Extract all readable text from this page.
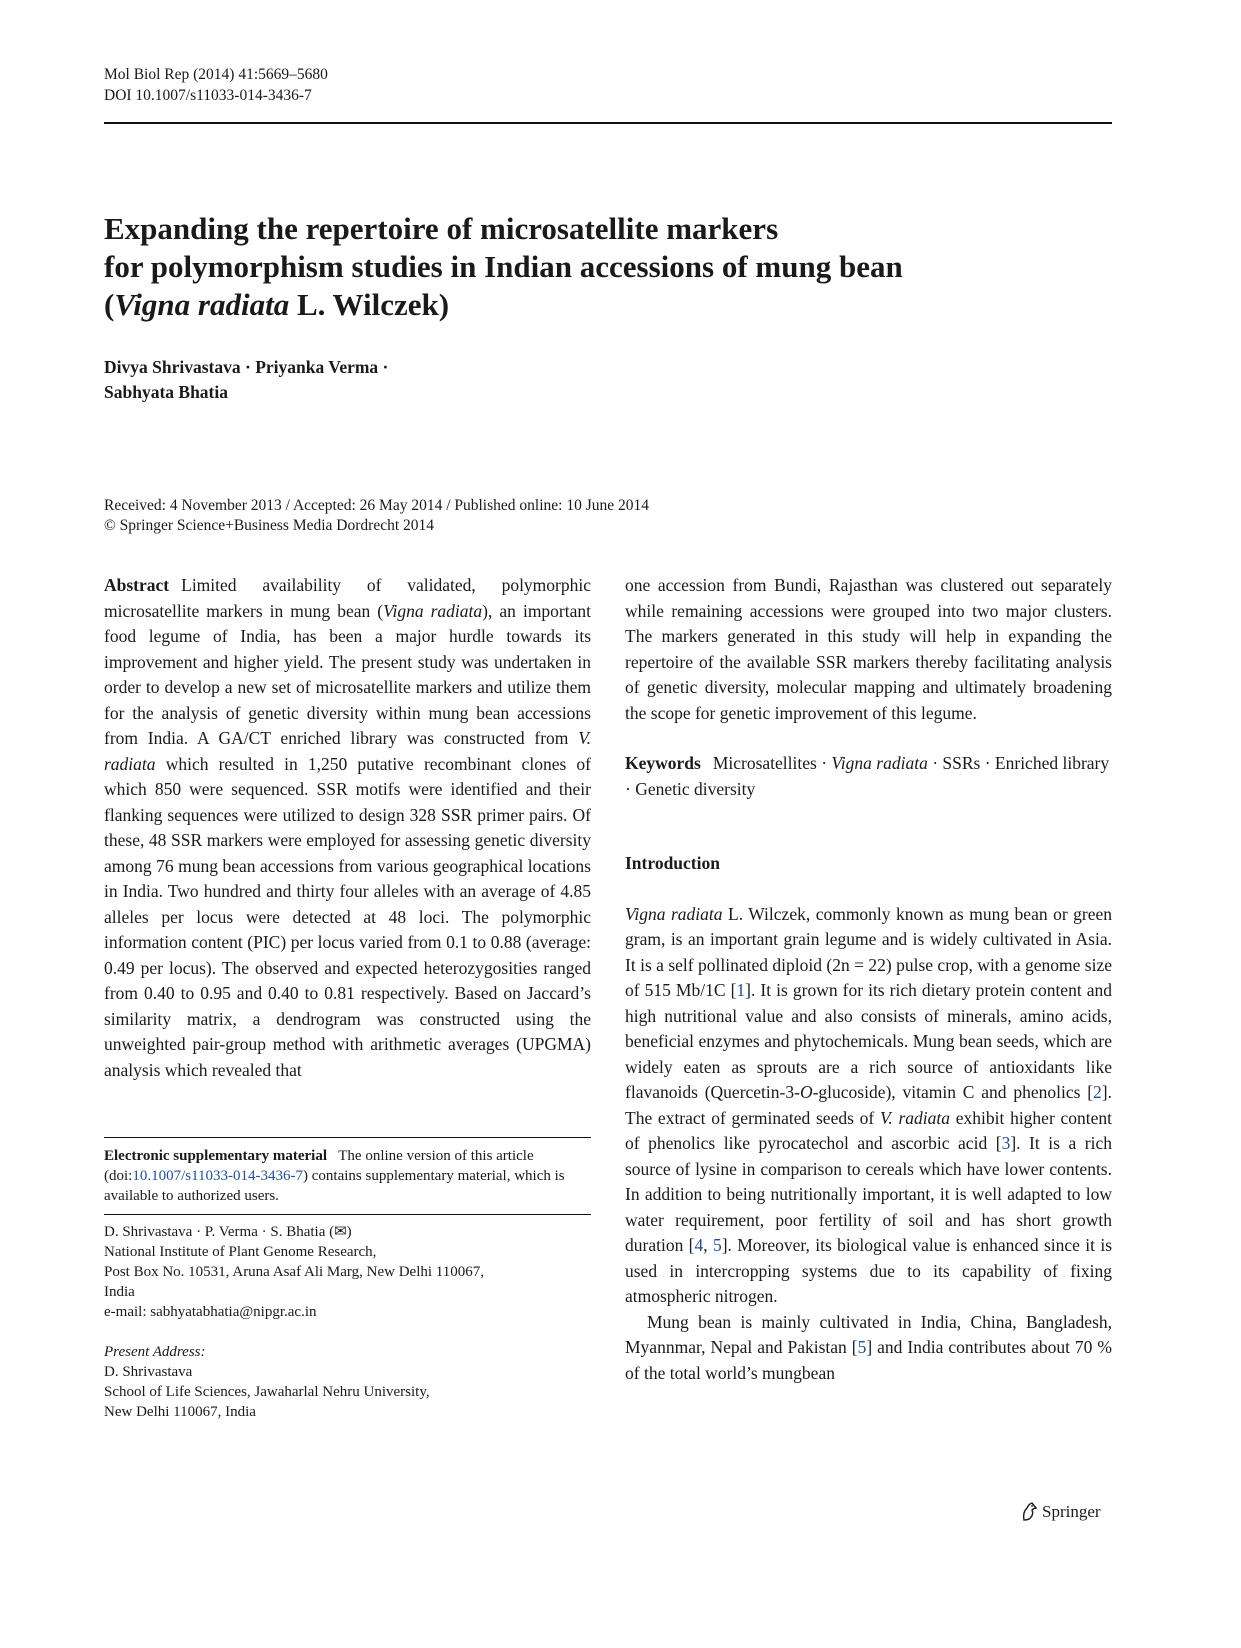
Mol Biol Rep (2014) 41:5669–5680
DOI 10.1007/s11033-014-3436-7
Expanding the repertoire of microsatellite markers
for polymorphism studies in Indian accessions of mung bean
(Vigna radiata L. Wilczek)
Divya Shrivastava · Priyanka Verma ·
Sabhyata Bhatia
Received: 4 November 2013 / Accepted: 26 May 2014 / Published online: 10 June 2014
© Springer Science+Business Media Dordrecht 2014

Abstract Limited availability of validated, polymorphic microsatellite markers in mung bean (Vigna radiata), an important food legume of India, has been a major hurdle towards its improvement and higher yield. The present study was undertaken in order to develop a new set of microsatellite markers and utilize them for the analysis of genetic diversity within mung bean accessions from India. A GA/CT enriched library was constructed from V. radiata which resulted in 1,250 putative recombinant clones of which 850 were sequenced. SSR motifs were identified and their flanking sequences were utilized to design 328 SSR primer pairs. Of these, 48 SSR markers were employed for assessing genetic diversity among 76 mung bean accessions from various geographical locations in India. Two hundred and thirty four alleles with an average of 4.85 alleles per locus were detected at 48 loci. The polymorphic information content (PIC) per locus varied from 0.1 to 0.88 (average: 0.49 per locus). The observed and expected heterozygosities ranged from 0.40 to 0.95 and 0.40 to 0.81 respectively. Based on Jaccard’s similarity matrix, a dendrogram was constructed using the unweighted pair-group method with arithmetic averages (UPGMA) analysis which revealed that

Electronic supplementary material The online version of this article (doi:10.1007/s11033-014-3436-7) contains supplementary material, which is available to authorized users.

D. Shrivastava · P. Verma · S. Bhatia (✉)

National Institute of Plant Genome Research,

Post Box No. 10531, Aruna Asaf Ali Marg, New Delhi 110067,

India

e-mail: sabhyatabhatia@nipgr.ac.in

Present Address:

D. Shrivastava

School of Life Sciences, Jawaharlal Nehru University,

New Delhi 110067, India

one accession from Bundi, Rajasthan was clustered out separately while remaining accessions were grouped into two major clusters. The markers generated in this study will help in expanding the repertoire of the available SSR markers thereby facilitating analysis of genetic diversity, molecular mapping and ultimately broadening the scope for genetic improvement of this legume.

Keywords Microsatellites · Vigna radiata · SSRs · Enriched library · Genetic diversity

Introduction

Vigna radiata L. Wilczek, commonly known as mung bean or green gram, is an important grain legume and is widely cultivated in Asia. It is a self pollinated diploid (2n = 22) pulse crop, with a genome size of 515 Mb/1C [1]. It is grown for its rich dietary protein content and high nutritional value and also consists of minerals, amino acids, beneficial enzymes and phytochemicals. Mung bean seeds, which are widely eaten as sprouts are a rich source of antioxidants like flavanoids (Quercetin-3-O-glucoside), vitamin C and phenolics [2]. The extract of germinated seeds of V. radiata exhibit higher content of phenolics like pyrocatechol and ascorbic acid [3]. It is a rich source of lysine in comparison to cereals which have lower contents. In addition to being nutritionally important, it is well adapted to low water requirement, poor fertility of soil and has short growth duration [4, 5]. Moreover, its biological value is enhanced since it is used in intercropping systems due to its capability of fixing atmospheric nitrogen.

Mung bean is mainly cultivated in India, China, Bangladesh, Myannmar, Nepal and Pakistan [5] and India contributes about 70 % of the total world’s mungbean

Springer
